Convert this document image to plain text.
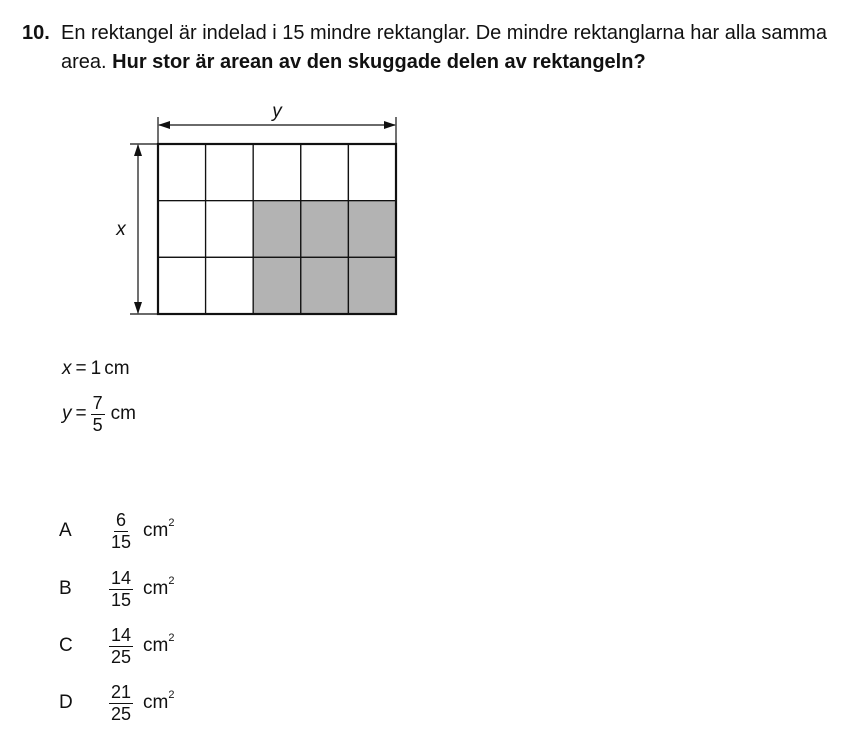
10. En rektangel är indelad i 15 mindre rektanglar. De mindre rektanglarna har alla samma
area. Hur stor är arean av den skuggade delen av rektangeln?
y
x
x = 1 cm
$y = \frac{7}{5}$ cm
A	$\frac{6}{15} cm^2$
B	$\frac{14}{15} cm^2$
C	$\frac{14}{25} cm^2$
D	$\frac{21}{25} cm^2$
